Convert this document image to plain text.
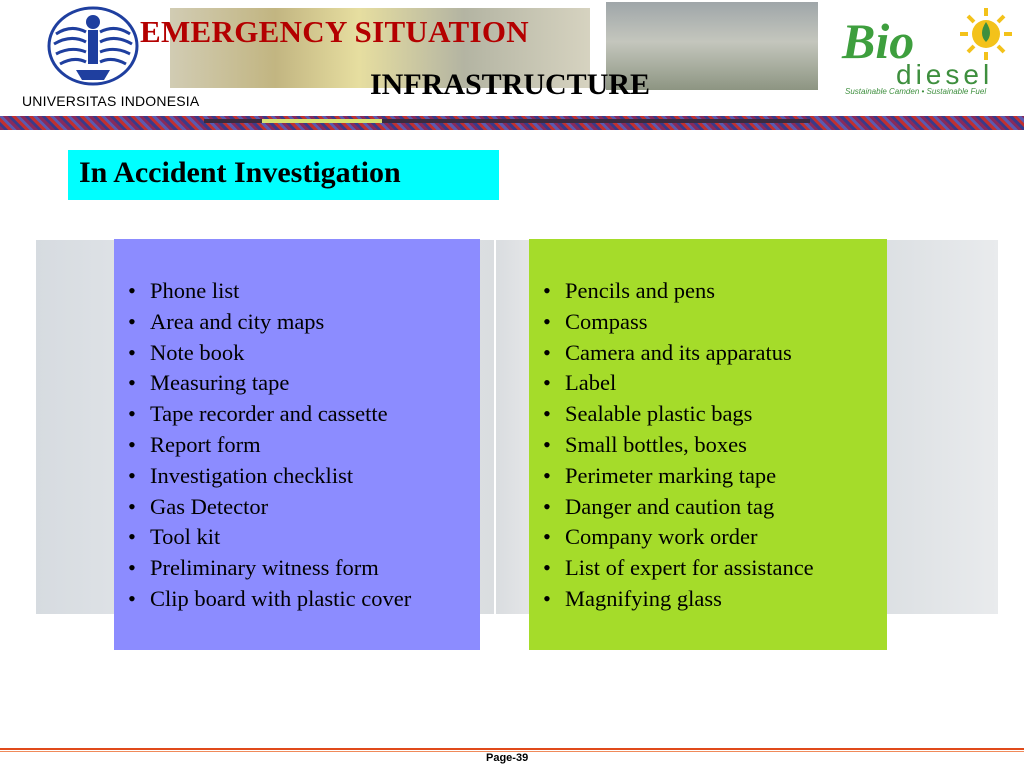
UNIVERSITAS INDONESIA
EMERGENCY SITUATION
INFRASTRUCTURE
Bio
diesel
Sustainable Camden • Sustainable Fuel
In Accident Investigation
• Phone list
• Area and city maps
• Note book
• Measuring tape
• Tape recorder and cassette
• Report form
• Investigation checklist
• Gas Detector
• Tool kit
• Preliminary witness form
• Clip board with plastic cover
• Pencils and pens
• Compass
• Camera and its apparatus
• Label
• Sealable plastic bags
• Small bottles, boxes
• Perimeter marking tape
• Danger and caution tag
• Company work order
• List of expert for assistance
• Magnifying glass
Page-39
